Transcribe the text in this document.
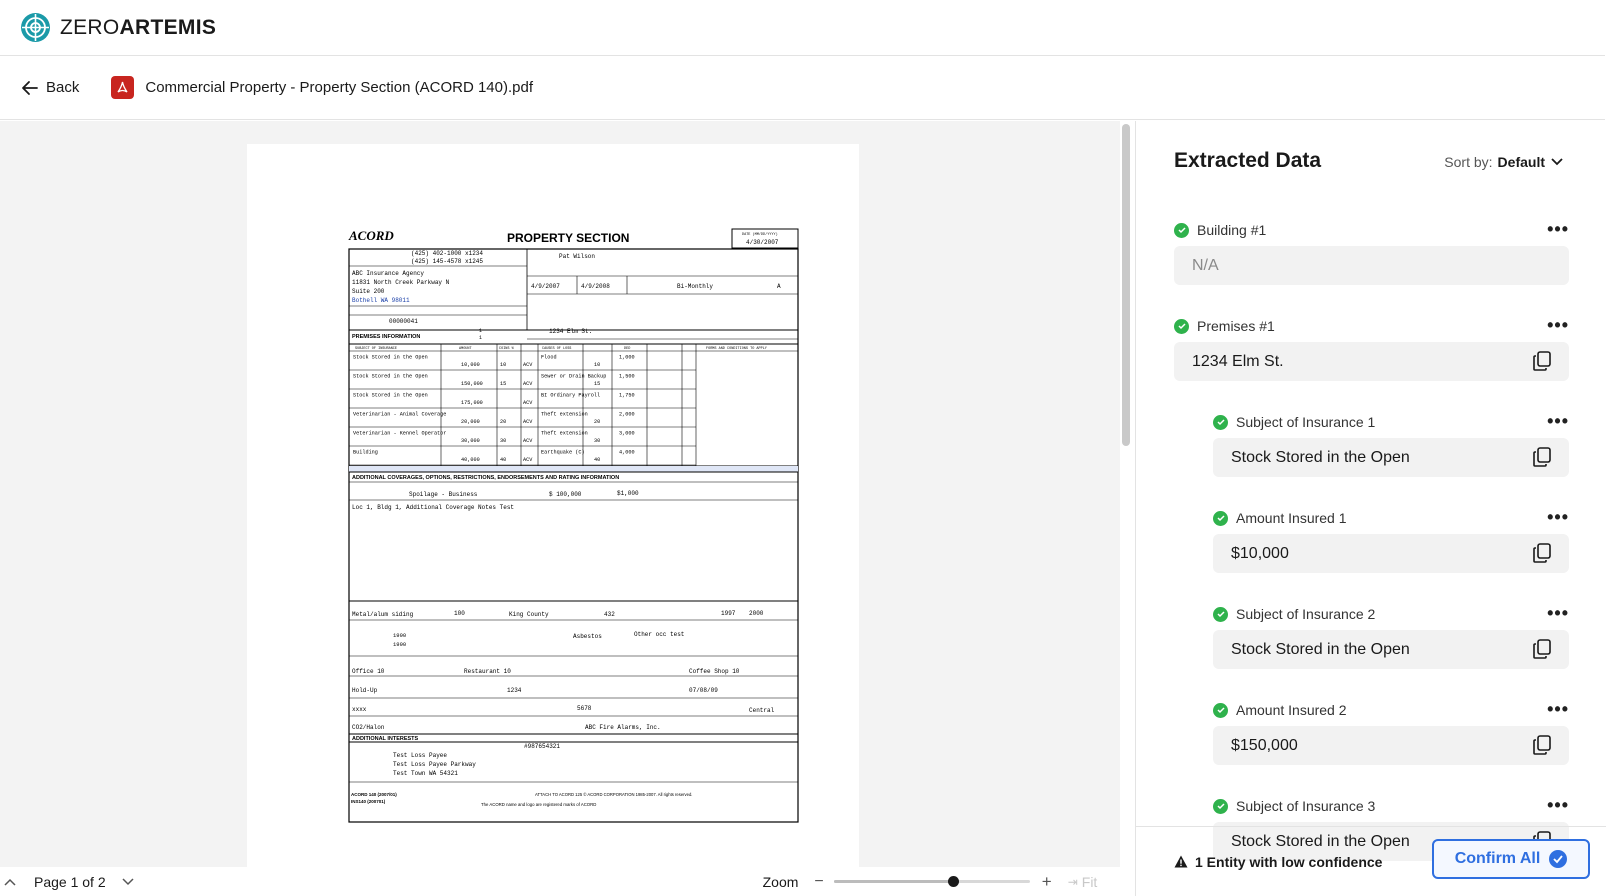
ZEROARTEMIS
Back	Commercial Property - Property Section (ACORD 140).pdf
ACORD	PROPERTY SECTION	DATE (MM/DD/YYYY)
4/30/2007
(425) 402-1000 x1234
(425) 145-4578 x1245
ABC Insurance Agency
11831 North Creek Parkway N
Suite 200
Bothell WA 98011
00000041
Pat Wilson
4/9/2007	4/9/2008	Bi-Monthly	A
PREMISES INFORMATION
1
1
1234 Elm St.
SUBJECT OF INSURANCE	AMOUNT	COINS %	CAUSES OF LOSS	DED	FORMS AND CONDITIONS TO APPLY
Stock Stored in the Open
10,000	10	ACV
Flood
10
1,000
Stock Stored in the Open
150,000	15	ACV
Sewer or Drain Backup
15
1,500
Stock Stored in the Open
175,000	ACV
BI Ordinary Payroll	1,750
Veterinarian - Animal Coverage
20,000	20	ACV
Theft extension
20
2,000
Veterinarian - Kennel Operator
30,000	30	ACV
Theft extension
30
3,000
Building
40,000	40	ACV
Earthquake (C)
40
4,000
ADDITIONAL COVERAGES, OPTIONS, RESTRICTIONS, ENDORSEMENTS AND RATING INFORMATION
Spoilage - Business	$ 100,000	$1,000
Loc 1, Bldg 1, Additional Coverage Notes Test
Metal/alum siding	100	King County	432	1997 2000
1990
1990
Asbestos	Other occ test
Office 10	Restaurant 10	Coffee Shop 10
Hold-Up	1234	07/08/09
xxxx	5678	Central
CO2/Halon	ABC Fire Alarms, Inc.
ADDITIONAL INTERESTS
#987654321
Test Loss Payee
Test Loss Payee Parkway
Test Town WA 54321
ACORD 140 (2007/01)
INS140 (200701)
ATTACH TO ACORD 125 © ACORD CORPORATION 1985-2007. All rights reserved.
The ACORD name and logo are registered marks of ACORD
Page 1 of 2	Zoom −	+ ⇥ Fit
Extracted Data	Sort by: Default
Building #1	•••
N/A
Premises #1	•••
1234 Elm St.
Subject of Insurance 1	•••
Stock Stored in the Open
Amount Insured 1	•••
$10,000
Subject of Insurance 2	•••
Stock Stored in the Open
Amount Insured 2	•••
$150,000
Subject of Insurance 3	•••
Stock Stored in the Open
1 Entity with low confidence	Confirm All
